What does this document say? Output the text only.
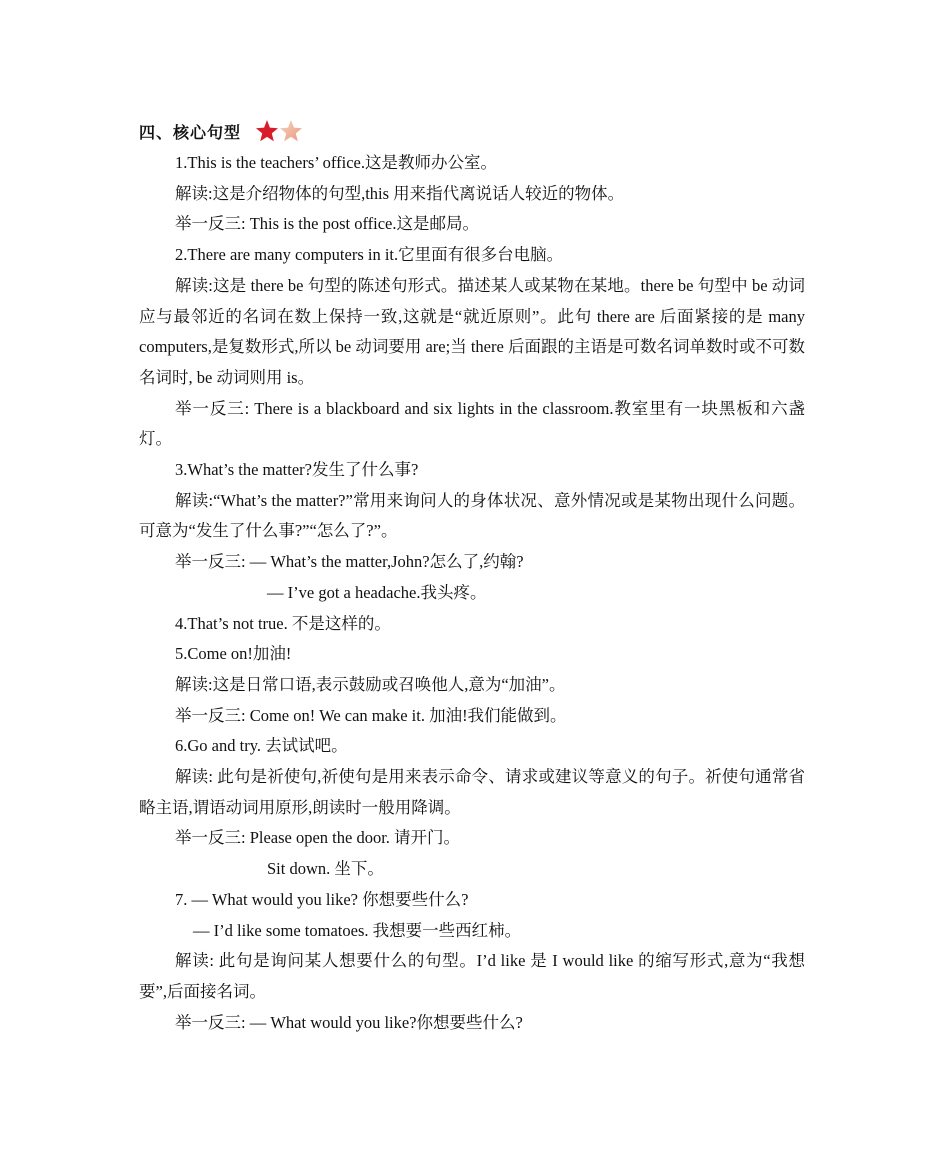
四、核心句型
1.This is the teachers’ office.这是教师办公室。
解读:这是介绍物体的句型,this 用来指代离说话人较近的物体。
举一反三: This is the post office.这是邮局。
2.There are many computers in it.它里面有很多台电脑。
解读:这是 there be 句型的陈述句形式。描述某人或某物在某地。there be 句型中 be 动词应与最邻近的名词在数上保持一致,这就是“就近原则”。此句 there are 后面紧接的是 many computers,是复数形式,所以 be 动词要用 are;当 there 后面跟的主语是可数名词单数时或不可数名词时, be 动词则用 is。
举一反三: There is a blackboard and six lights in the classroom.教室里有一块黑板和六盏灯。
3.What’s the matter?发生了什么事?
解读:“What’s the matter?”常用来询问人的身体状况、意外情况或是某物出现什么问题。可意为“发生了什么事?”“怎么了?”。
举一反三: — What’s the matter,John?怎么了,约翰?
— I’ve got a headache.我头疼。
4.That’s not true. 不是这样的。
5.Come on!加油!
解读:这是日常口语,表示鼓励或召唤他人,意为“加油”。
举一反三: Come on! We can make it. 加油!我们能做到。
6.Go and try. 去试试吧。
解读: 此句是祈使句,祈使句是用来表示命令、请求或建议等意义的句子。祈使句通常省略主语,谓语动词用原形,朗读时一般用降调。
举一反三: Please open the door. 请开门。
Sit down. 坐下。
7. — What would you like? 你想要些什么?
— I’d like some tomatoes. 我想要一些西红柿。
解读: 此句是询问某人想要什么的句型。I’d like 是 I would like 的缩写形式,意为“我想要”,后面接名词。
举一反三: — What would you like?你想要些什么?
